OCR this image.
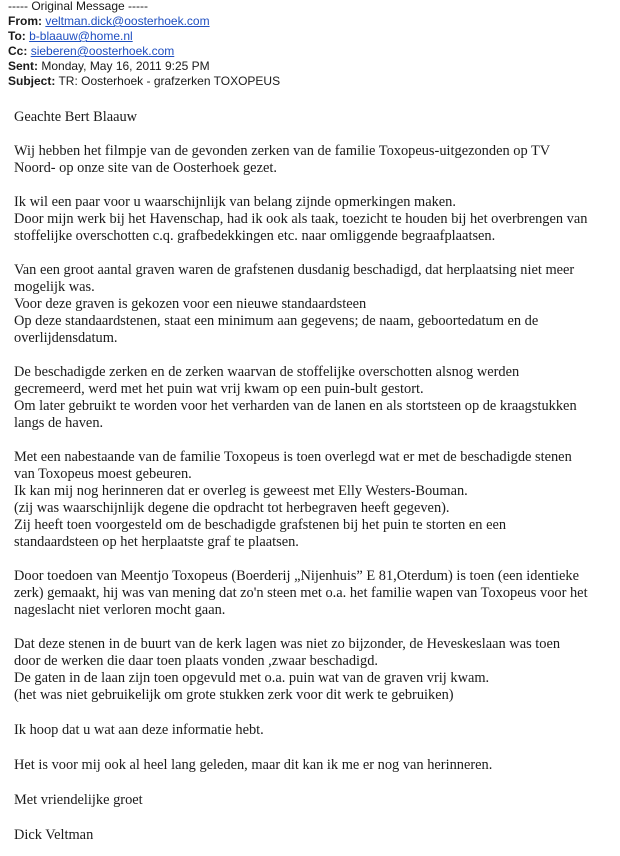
----- Original Message -----
From: veltman.dick@oosterhoek.com
To: b-blaauw@home.nl
Cc: sieberen@oosterhoek.com
Sent: Monday, May 16, 2011 9:25 PM
Subject: TR: Oosterhoek - grafzerken TOXOPEUS
Geachte Bert Blaauw
Wij hebben het filmpje van de gevonden zerken van de familie Toxopeus-uitgezonden op TV
Noord- op onze site van de Oosterhoek gezet.
Ik wil een paar voor u waarschijnlijk van belang zijnde opmerkingen maken.
Door mijn werk bij het Havenschap, had ik ook als taak, toezicht te houden bij het overbrengen van
stoffelijke overschotten c.q. grafbedekkingen etc. naar omliggende begraafplaatsen.
Van een groot aantal graven waren de grafstenen dusdanig beschadigd, dat herplaatsing niet meer
mogelijk was.
Voor deze graven is gekozen voor een nieuwe standaardsteen
Op deze standaardstenen, staat een minimum aan gegevens; de naam, geboortedatum en de
overlijdensdatum.
De beschadigde zerken en de zerken waarvan de stoffelijke overschotten alsnog werden
gecremeerd, werd met het puin wat vrij kwam op een puin-bult gestort.
Om later gebruikt te worden voor het verharden van de lanen en als stortsteen op de kraagstukken
langs de haven.
Met een nabestaande van de familie Toxopeus is toen overlegd wat er met de beschadigde stenen
van Toxopeus moest gebeuren.
Ik kan mij nog herinneren dat er overleg is geweest met Elly Westers-Bouman.
(zij was waarschijnlijk degene die opdracht tot herbegraven heeft gegeven).
Zij heeft toen voorgesteld om de beschadigde grafstenen bij het puin te storten en een
standaardsteen op het herplaatste graf te plaatsen.
Door toedoen van Meentjo Toxopeus (Boerderij „Nijenhuis” E 81,Oterdum) is toen (een identieke
zerk) gemaakt, hij was van mening dat zo'n steen met o.a. het familie wapen van Toxopeus voor het
nageslacht niet verloren mocht gaan.
Dat deze stenen in de buurt van de kerk lagen was niet zo bijzonder, de Heveskeslaan was toen
door de werken die daar toen plaats vonden ,zwaar beschadigd.
De gaten in de laan zijn toen opgevuld met o.a. puin wat van de graven vrij kwam.
(het was niet gebruikelijk om grote stukken zerk voor dit werk te gebruiken)
Ik hoop dat u wat aan deze informatie hebt.
Het is voor mij ook al heel lang geleden, maar dit kan ik me er nog van herinneren.
Met vriendelijke groet
Dick Veltman
